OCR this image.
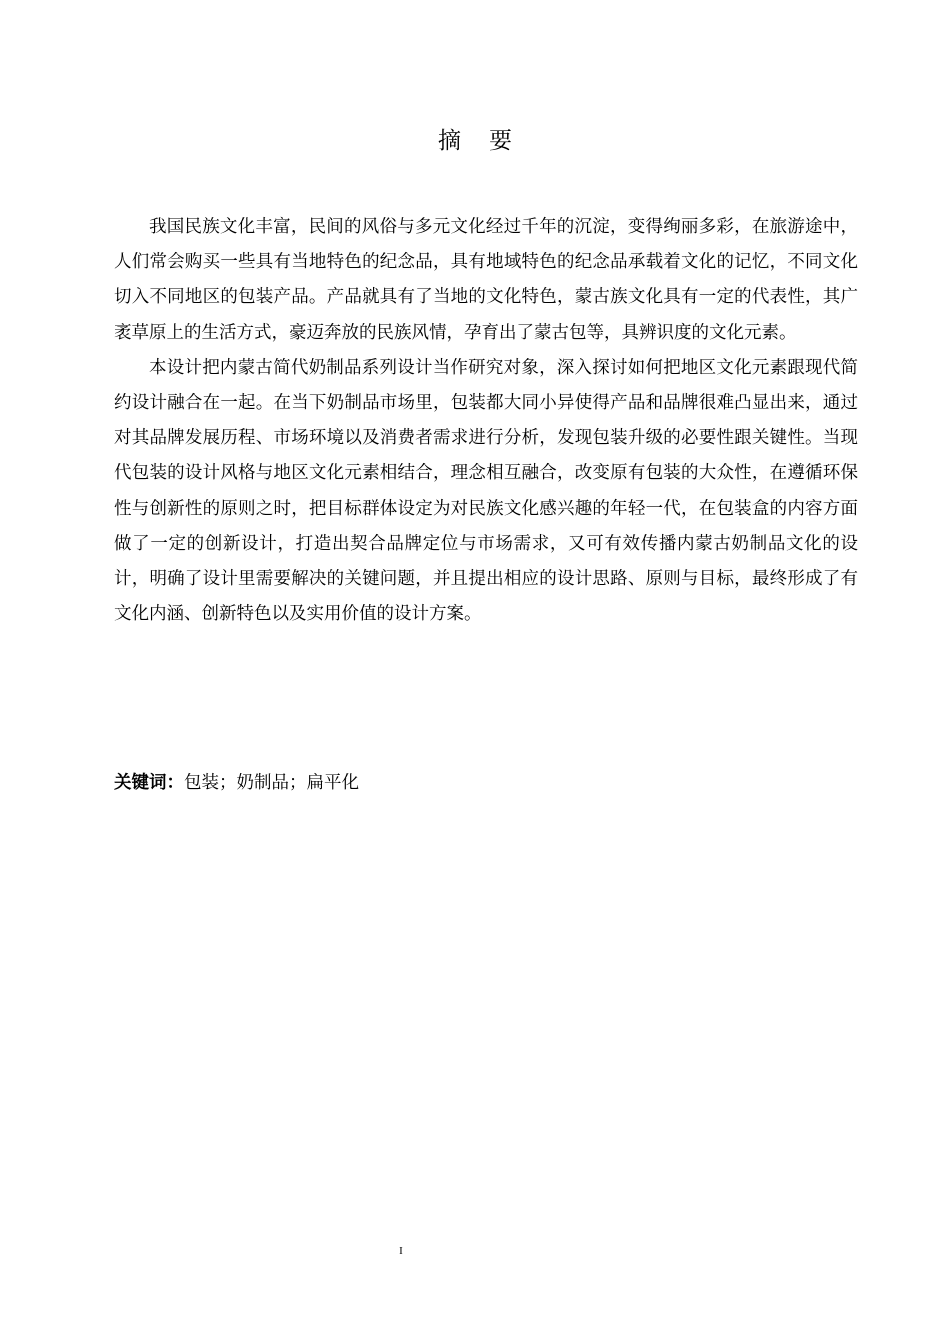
摘 要

我国民族文化丰富，民间的风俗与多元文化经过千年的沉淀，变得绚丽多彩，在旅游途中，人们常会购买一些具有当地特色的纪念品，具有地域特色的纪念品承载着文化的记忆，不同文化切入不同地区的包装产品。产品就具有了当地的文化特色，蒙古族文化具有一定的代表性，其广袤草原上的生活方式，豪迈奔放的民族风情，孕育出了蒙古包等，具辨识度的文化元素。

本设计把内蒙古简代奶制品系列设计当作研究对象，深入探讨如何把地区文化元素跟现代简约设计融合在一起。在当下奶制品市场里，包装都大同小异使得产品和品牌很难凸显出来，通过对其品牌发展历程、市场环境以及消费者需求进行分析，发现包装升级的必要性跟关键性。当现代包装的设计风格与地区文化元素相结合，理念相互融合，改变原有包装的大众性，在遵循环保性与创新性的原则之时，把目标群体设定为对民族文化感兴趣的年轻一代，在包装盒的内容方面做了一定的创新设计，打造出契合品牌定位与市场需求，又可有效传播内蒙古奶制品文化的设计，明确了设计里需要解决的关键问题，并且提出相应的设计思路、原则与目标，最终形成了有文化内涵、创新特色以及实用价值的设计方案。

关键词：包装；奶制品；扁平化
I
